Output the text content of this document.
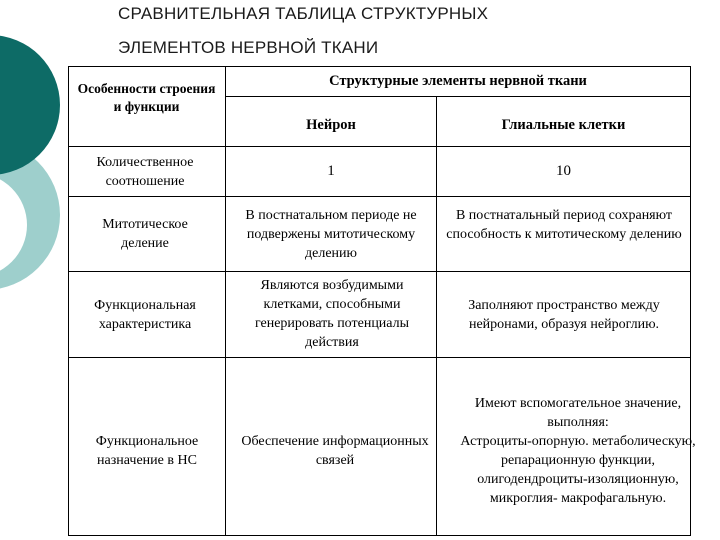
СРАВНИТЕЛЬНАЯ ТАБЛИЦА СТРУКТУРНЫХ
ЭЛЕМЕНТОВ НЕРВНОЙ ТКАНИ
Особенности строения и функции
Структурные элементы нервной ткани
Нейрон	Глиальные клетки
Количественное соотношение
1	10
Митотическое деление
В постнатальном периоде не подвержены митотическому делению
В постнатальный период сохраняют способность к митотическому делению
Функциональная характеристика
Являются возбудимыми клетками, способными генерировать потенциалы действия
Заполняют пространство между нейронами, образуя нейроглию.
Функциональное назначение в НС
Обеспечение информационных связей
Имеют вспомогательное значение,
выполняя:
Астроциты-опорную. метаболическую,
репарационную функции,
олигодендроциты-изоляционную,
микроглия- макрофагальную.
